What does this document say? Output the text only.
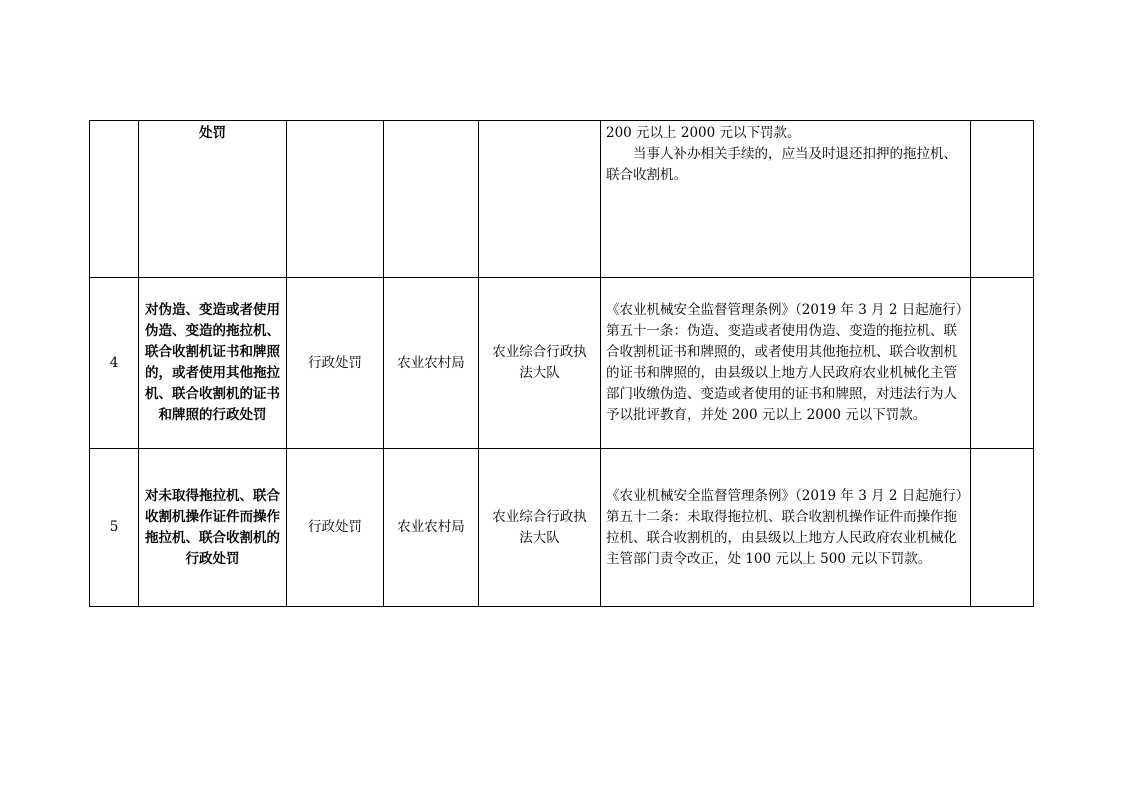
	处罚				200 元以上 2000 元以下罚款。
当事人补办相关手续的，应当及时退还扣押的拖拉机、联合收割机。	

4	对伪造、变造或者使用伪造、变造的拖拉机、联合收割机证书和牌照的，或者使用其他拖拉机、联合收割机的证书和牌照的行政处罚	行政处罚	农业农村局	农业综合行政执法大队	《农业机械安全监督管理条例》（2019 年 3 月 2 日起施行）
第五十一条：伪造、变造或者使用伪造、变造的拖拉机、联合收割机证书和牌照的，或者使用其他拖拉机、联合收割机的证书和牌照的，由县级以上地方人民政府农业机械化主管部门收缴伪造、变造或者使用的证书和牌照，对违法行为人予以批评教育，并处 200 元以上 2000 元以下罚款。	

5	对未取得拖拉机、联合收割机操作证件而操作拖拉机、联合收割机的行政处罚	行政处罚	农业农村局	农业综合行政执法大队	《农业机械安全监督管理条例》（2019 年 3 月 2 日起施行）
第五十二条：未取得拖拉机、联合收割机操作证件而操作拖拉机、联合收割机的，由县级以上地方人民政府农业机械化主管部门责令改正，处 100 元以上 500 元以下罚款。	
